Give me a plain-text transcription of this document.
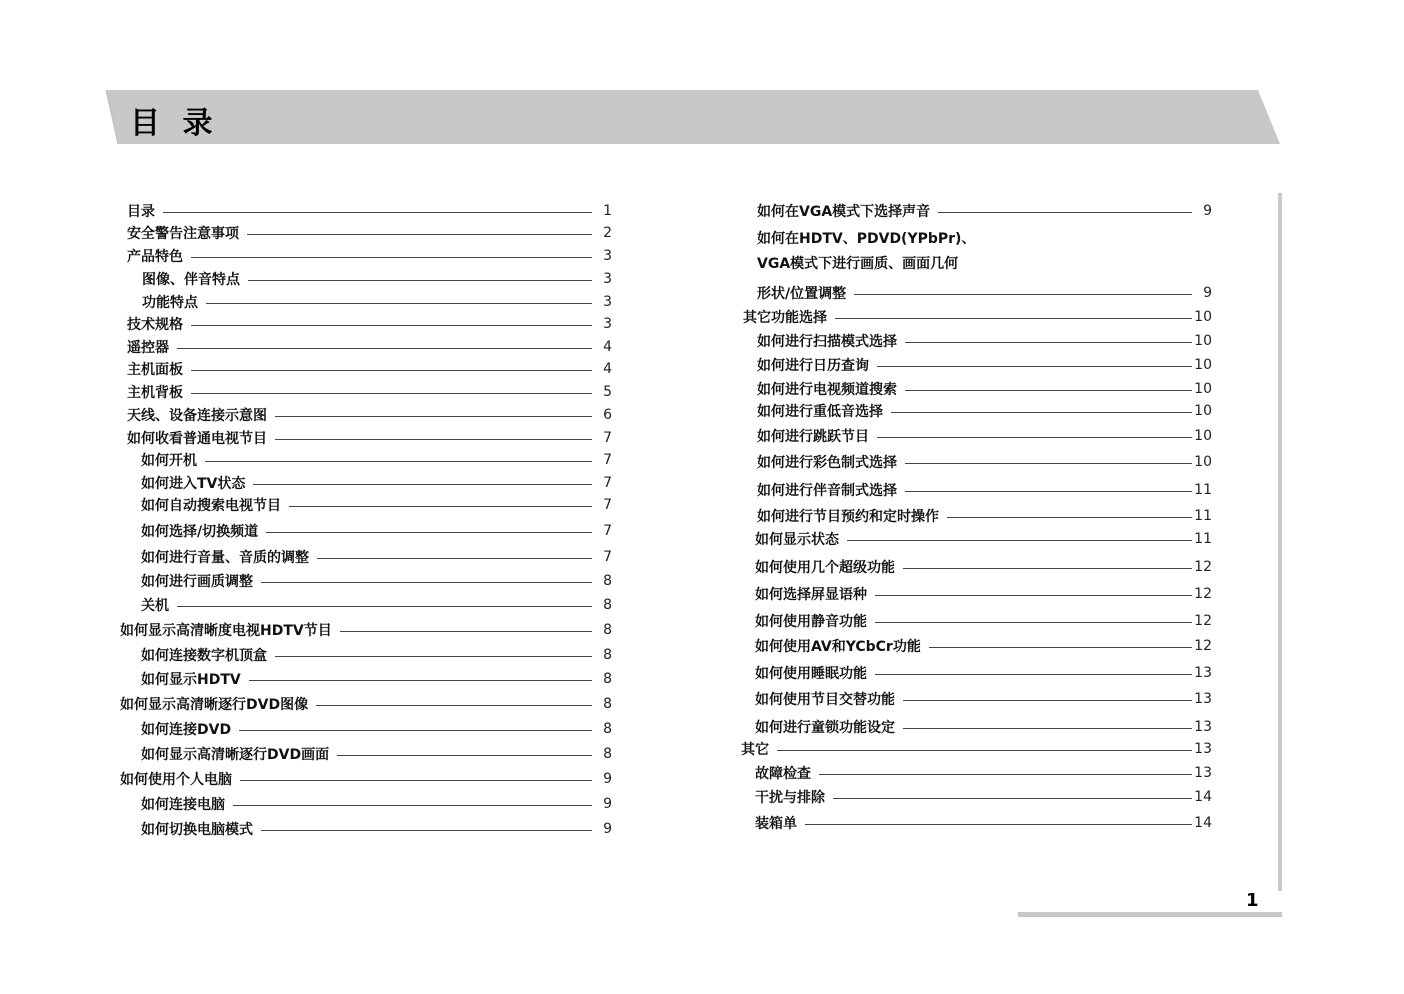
目 录
目录	1
安全警告注意事项	2
产品特色	3
图像、伴音特点	3
功能特点	3
技术规格	3
遥控器	4
主机面板	4
主机背板	5
天线、设备连接示意图	6
如何收看普通电视节目	7
如何开机	7
如何进入TV状态	7
如何自动搜索电视节目	7
如何选择/切换频道	7
如何进行音量、音质的调整	7
如何进行画质调整	8
关机	8
如何显示高清晰度电视HDTV节目	8
如何连接数字机顶盒	8
如何显示HDTV	8
如何显示高清晰逐行DVD图像	8
如何连接DVD	8
如何显示高清晰逐行DVD画面	8
如何使用个人电脑	9
如何连接电脑	9
如何切换电脑模式	9
如何在VGA模式下选择声音	9
如何在HDTV、PDVD(YPbPr)、
VGA模式下进行画质、画面几何
形状/位置调整	9
其它功能选择	10
如何进行扫描模式选择	10
如何进行日历查询	10
如何进行电视频道搜索	10
如何进行重低音选择	10
如何进行跳跃节目	10
如何进行彩色制式选择	10
如何进行伴音制式选择	11
如何进行节目预约和定时操作	11
如何显示状态	11
如何使用几个超级功能	12
如何选择屏显语种	12
如何使用静音功能	12
如何使用AV和YCbCr功能	12
如何使用睡眠功能	13
如何使用节目交替功能	13
如何进行童锁功能设定	13
其它	13
故障检查	13
干扰与排除	14
装箱单	14
1
